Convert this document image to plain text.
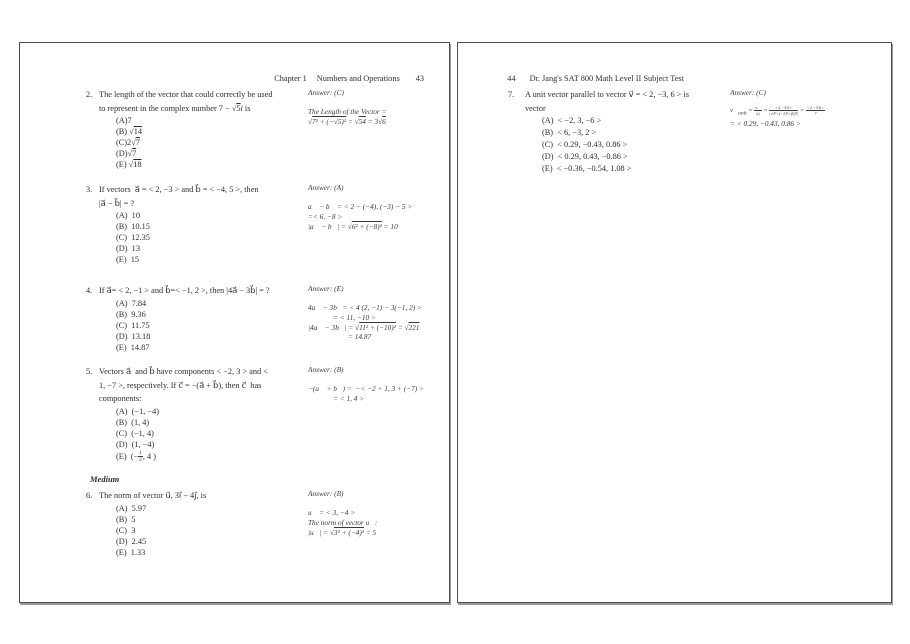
Chapter 1 Numbers and Operations 43

2. The length of the vector that could correctly be used
to represent in the complex number 7 − √5i is
(A)7
(B) √14
(C)2√7
(D)√7
(E) √18
Answer: (C)
The Length of the Vector =
√7² + (−√5)² = √54 = 3√6
3. If vectors  a⃗ = < 2, −3 > and b⃗ = < −4, 5 >, then
|a⃗ − b⃗| = ?
(A)  10
(B)  10.15
(C)  12.35
(D)  13
(E)  15
Answer: (A)
a⃗ − b⃗ = < 2 − (−4), (−3) − 5 >
=< 6, −8 >
|a⃗ − b⃗| = √6² + (−8)² = 10
4. If a⃗= < 2, −1 > and b⃗=< −1, 2 >, then |4a⃗ − 3b⃗| = ?
(A)  7.84
(B)  9.36
(C)  11.75
(D)  13.18
(E)  14.87
Answer: (E)
4a⃗ − 3b⃗= < 4 (2, −1) − 3(−1, 2) >
= < 11, −10 >
|4a⃗ − 3b⃗| = √11² + (−10)² = √221
= 14.87
5. Vectors a⃗  and b⃗ have components < −2, 3 > and <
1, −7 >, respectively. If c⃗ = −(a⃗ + b⃗), then c⃗  has
components:
(A)  (−1, −4)
(B)  (1, 4)
(C)  (−1, 4)
(D)  (1, −4)
(E)  (− $\frac{1}{2}$ , 4 )
Answer: (B)
−(a⃗ + b⃗) =  −< −2 + 1, 3 + (−7) >
= < 1, 4 >
Medium
6. The norm of vector u⃗, 3i⃗ − 4j⃗, is
(A)  5.97
(B)  5
(C)  3
(D)  2.45
(E)  1.33
Answer: (B)
u⃗ = < 3, −4 >
The norm of vector u⃗:
|u⃗| = √3² + (−4)² = 5

44 Dr. Jang's SAT 800 Math Level II Subject Test

7.	A unit vector parallel to vector v⃗ = < 2, −3, 6 > is
vector
(A)  < −2, 3, −6 >
(B)  < 6, −3, 2 >
(C)  < 0.29, −0.43, 0.86 >
(D)  < 0.29, 0.43, −0.86 >
(E)  < −0.36, −0.54, 1.08 >
Answer: (C)
$v⃗_{unit} = \frac{v⃗}{|v|} = \frac{<2,-3,6>}{\text{|√2²+(−3)²+(6)²|}} = \frac{<2,-3,6>}{7}$
= < 0.29, −0.43, 0.86 >
